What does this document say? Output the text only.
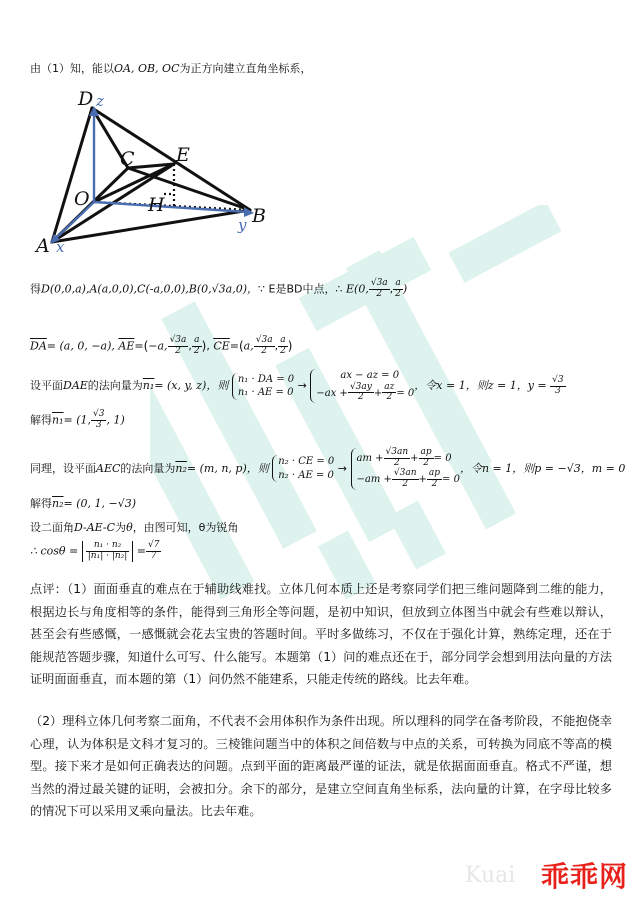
由（1）知，能以OA, OB, OC为正方向建立直角坐标系，
D
C E
O	H	B
A
z
x
y
得D(0,0,a),A(a,0,0),C(-a,0,0),B(0,√3a,0)，∵ E是BD中点，∴ E(0, $\frac{√3a}{2}$ , $\frac{a}{2}$ )
$\overline{DA}= (a$, 0, −a), $\overline{AE}=(-a$, $\frac{√3a}{2}$ , $\frac{a}{2}$ ), $\overline{CE}=(a$, $\frac{√3a}{2}$ , $\frac{a}{2}$ )
设平面DAE的法向量为n₁= (x, y, z)，则 n₁ · DA = 0
n₁ · AE = 0 → ax − az = 0
$-ax + \frac{√3ay}{2} + \frac{az}{2} = 0$，令x = 1，则z = 1，$y = \frac{√3}{3}$
解得n₁= (1, $\frac{√3}{3}$ , 1)
同理，设平面AEC的法向量为n₂= (m, n, p)，则 n₂ · CE = 0
n₂ · AE = 0 → am + $\frac{√3an}{2} + \frac{ap}{2} = 0$
$-am + \frac{√3an}{2} + \frac{ap}{2} = 0$，令n = 1，则p = −√3，m = 0
解得n₂= (0, 1, −√3)
设二面角D-AE-C为θ，由图可知，θ为锐角
∴ $\cos\theta = \frac{\text{n₁ · n₂}}{\text{|n₁| · |n₂|}} = \frac{√7}{7}$
点评：（1）面面垂直的难点在于辅助线难找。立体几何本质上还是考察同学们把三维问题降到二维的能力，根据边长与角度相等的条件，能得到三角形全等问题，是初中知识，但放到立体图当中就会有些难以辩认，甚至会有些感慨，一感慨就会花去宝贵的答题时间。平时多做练习，不仅在于强化计算，熟练定理，还在于能规范答题步骤，知道什么可写、什么能写。本题第（1）问的难点还在于，部分同学会想到用法向量的方法证明面面垂直，而本题的第（1）问仍然不能建系，只能走传统的路线。比去年难。
（2）理科立体几何考察二面角，不代表不会用体积作为条件出现。所以理科的同学在备考阶段，不能抱侥幸心理，认为体积是文科才复习的。三棱锥问题当中的体积之间倍数与中点的关系，可转换为同底不等高的模型。接下来才是如何正确表达的问题。点到平面的距离最严谨的证法，就是依据面面垂直。格式不严谨，想当然的滑过最关键的证明，会被扣分。余下的部分，是建立空间直角坐标系，法向量的计算，在字母比较多的情况下可以采用叉乘向量法。比去年难。
Kuai 乖乖网
